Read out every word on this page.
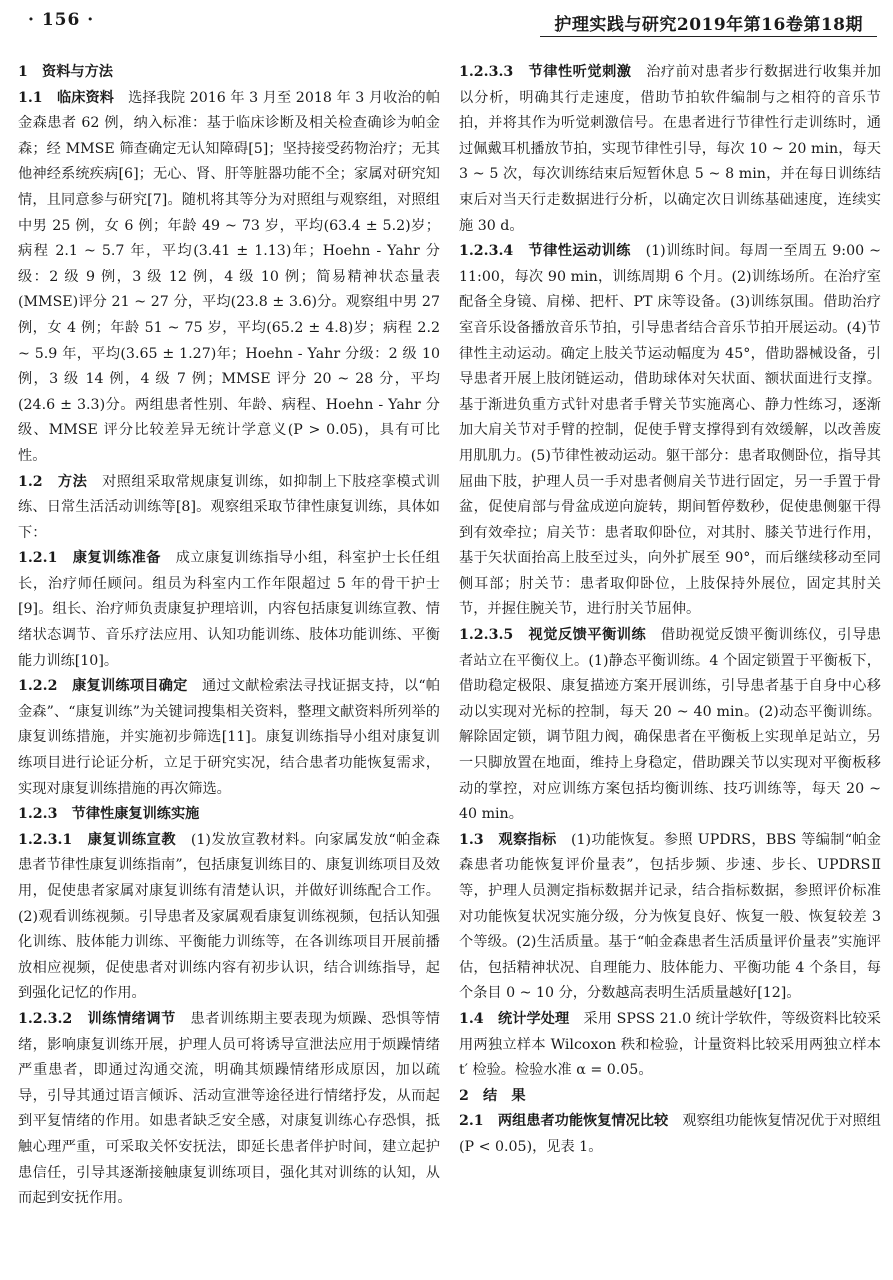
· 156 ·	护理实践与研究2019年第16卷第18期

1　资料与方法

1.1　临床资料　选择我院 2016 年 3 月至 2018 年 3 月收治的帕金森患者 62 例，纳入标准：基于临床诊断及相关检查确诊为帕金森；经 MMSE 筛查确定无认知障碍[5]；坚持接受药物治疗；无其他神经系统疾病[6]；无心、肾、肝等脏器功能不全；家属对研究知情，且同意参与研究[7]。随机将其等分为对照组与观察组，对照组中男 25 例，女 6 例；年龄 49 ~ 73 岁，平均(63.4 ± 5.2)岁；病程 2.1 ~ 5.7 年，平均(3.41 ± 1.13)年；Hoehn - Yahr 分级：2 级 9 例，3 级 12 例，4 级 10 例；简易精神状态量表(MMSE)评分 21 ~ 27 分，平均(23.8 ± 3.6)分。观察组中男 27 例，女 4 例；年龄 51 ~ 75 岁，平均(65.2 ± 4.8)岁；病程 2.2 ~ 5.9 年，平均(3.65 ± 1.27)年；Hoehn - Yahr 分级：2 级 10 例，3 级 14 例，4 级 7 例；MMSE 评分 20 ~ 28 分，平均(24.6 ± 3.3)分。两组患者性别、年龄、病程、Hoehn - Yahr 分级、MMSE 评分比较差异无统计学意义(P > 0.05)，具有可比性。

1.2　方法　对照组采取常规康复训练，如抑制上下肢痉挛模式训练、日常生活活动训练等[8]。观察组采取节律性康复训练，具体如下：

1.2.1　康复训练准备　成立康复训练指导小组，科室护士长任组长，治疗师任顾问。组员为科室内工作年限超过 5 年的骨干护士[9]。组长、治疗师负责康复护理培训，内容包括康复训练宣教、情绪状态调节、音乐疗法应用、认知功能训练、肢体功能训练、平衡能力训练[10]。

1.2.2　康复训练项目确定　通过文献检索法寻找证据支持，以“帕金森”、“康复训练”为关键词搜集相关资料，整理文献资料所列举的康复训练措施，并实施初步筛选[11]。康复训练指导小组对康复训练项目进行论证分析，立足于研究实况，结合患者功能恢复需求，实现对康复训练措施的再次筛选。

1.2.3　节律性康复训练实施

1.2.3.1　康复训练宣教　(1)发放宣教材料。向家属发放“帕金森患者节律性康复训练指南”，包括康复训练目的、康复训练项目及效用，促使患者家属对康复训练有清楚认识，并做好训练配合工作。(2)观看训练视频。引导患者及家属观看康复训练视频，包括认知强化训练、肢体能力训练、平衡能力训练等，在各训练项目开展前播放相应视频，促使患者对训练内容有初步认识，结合训练指导，起到强化记忆的作用。

1.2.3.2　训练情绪调节　患者训练期主要表现为烦躁、恐惧等情绪，影响康复训练开展，护理人员可将诱导宣泄法应用于烦躁情绪严重患者，即通过沟通交流，明确其烦躁情绪形成原因，加以疏导，引导其通过语言倾诉、活动宣泄等途径进行情绪抒发，从而起到平复情绪的作用。如患者缺乏安全感，对康复训练心存恐惧，抵触心理严重，可采取关怀安抚法，即延长患者伴护时间，建立起护患信任，引导其逐渐接触康复训练项目，强化其对训练的认知，从而起到安抚作用。

1.2.3.3　节律性听觉刺激　治疗前对患者步行数据进行收集并加以分析，明确其行走速度，借助节拍软件编制与之相符的音乐节拍，并将其作为听觉刺激信号。在患者进行节律性行走训练时，通过佩戴耳机播放节拍，实现节律性引导，每次 10 ~ 20 min，每天 3 ~ 5 次，每次训练结束后短暂休息 5 ~ 8 min，并在每日训练结束后对当天行走数据进行分析，以确定次日训练基础速度，连续实施 30 d。

1.2.3.4　节律性运动训练　(1)训练时间。每周一至周五 9:00 ~ 11:00，每次 90 min，训练周期 6 个月。(2)训练场所。在治疗室配备全身镜、肩梯、把杆、PT 床等设备。(3)训练氛围。借助治疗室音乐设备播放音乐节拍，引导患者结合音乐节拍开展运动。(4)节律性主动运动。确定上肢关节运动幅度为 45°，借助器械设备，引导患者开展上肢闭链运动，借助球体对矢状面、额状面进行支撑。基于渐进负重方式针对患者手臂关节实施离心、静力性练习，逐渐加大肩关节对手臂的控制，促使手臂支撑得到有效缓解，以改善废用肌肌力。(5)节律性被动运动。躯干部分：患者取侧卧位，指导其屈曲下肢，护理人员一手对患者侧肩关节进行固定，另一手置于骨盆，促使肩部与骨盆成逆向旋转，期间暂停数秒，促使患侧躯干得到有效牵拉；肩关节：患者取仰卧位，对其肘、膝关节进行作用，基于矢状面抬高上肢至过头，向外扩展至 90°，而后继续移动至同侧耳部；肘关节：患者取仰卧位，上肢保持外展位，固定其肘关节，并握住腕关节，进行肘关节屈伸。

1.2.3.5　视觉反馈平衡训练　借助视觉反馈平衡训练仪，引导患者站立在平衡仪上。(1)静态平衡训练。4 个固定锁置于平衡板下，借助稳定极限、康复描迹方案开展训练，引导患者基于自身中心移动以实现对光标的控制，每天 20 ~ 40 min。(2)动态平衡训练。解除固定锁，调节阻力阀，确保患者在平衡板上实现单足站立，另一只脚放置在地面，维持上身稳定，借助踝关节以实现对平衡板移动的掌控，对应训练方案包括均衡训练、技巧训练等，每天 20 ~ 40 min。

1.3　观察指标　(1)功能恢复。参照 UPDRS，BBS 等编制“帕金森患者功能恢复评价量表”，包括步频、步速、步长、UPDRSⅡ 等，护理人员测定指标数据并记录，结合指标数据，参照评价标准对功能恢复状况实施分级，分为恢复良好、恢复一般、恢复较差 3 个等级。(2)生活质量。基于“帕金森患者生活质量评价量表”实施评估，包括精神状况、自理能力、肢体能力、平衡功能 4 个条目，每个条目 0 ~ 10 分，分数越高表明生活质量越好[12]。

1.4　统计学处理　采用 SPSS 21.0 统计学软件，等级资料比较采用两独立样本 Wilcoxon 秩和检验，计量资料比较采用两独立样本 t′ 检验。检验水准 α = 0.05。

2　结　果

2.1　两组患者功能恢复情况比较　观察组功能恢复情况优于对照组(P < 0.05)，见表 1。
